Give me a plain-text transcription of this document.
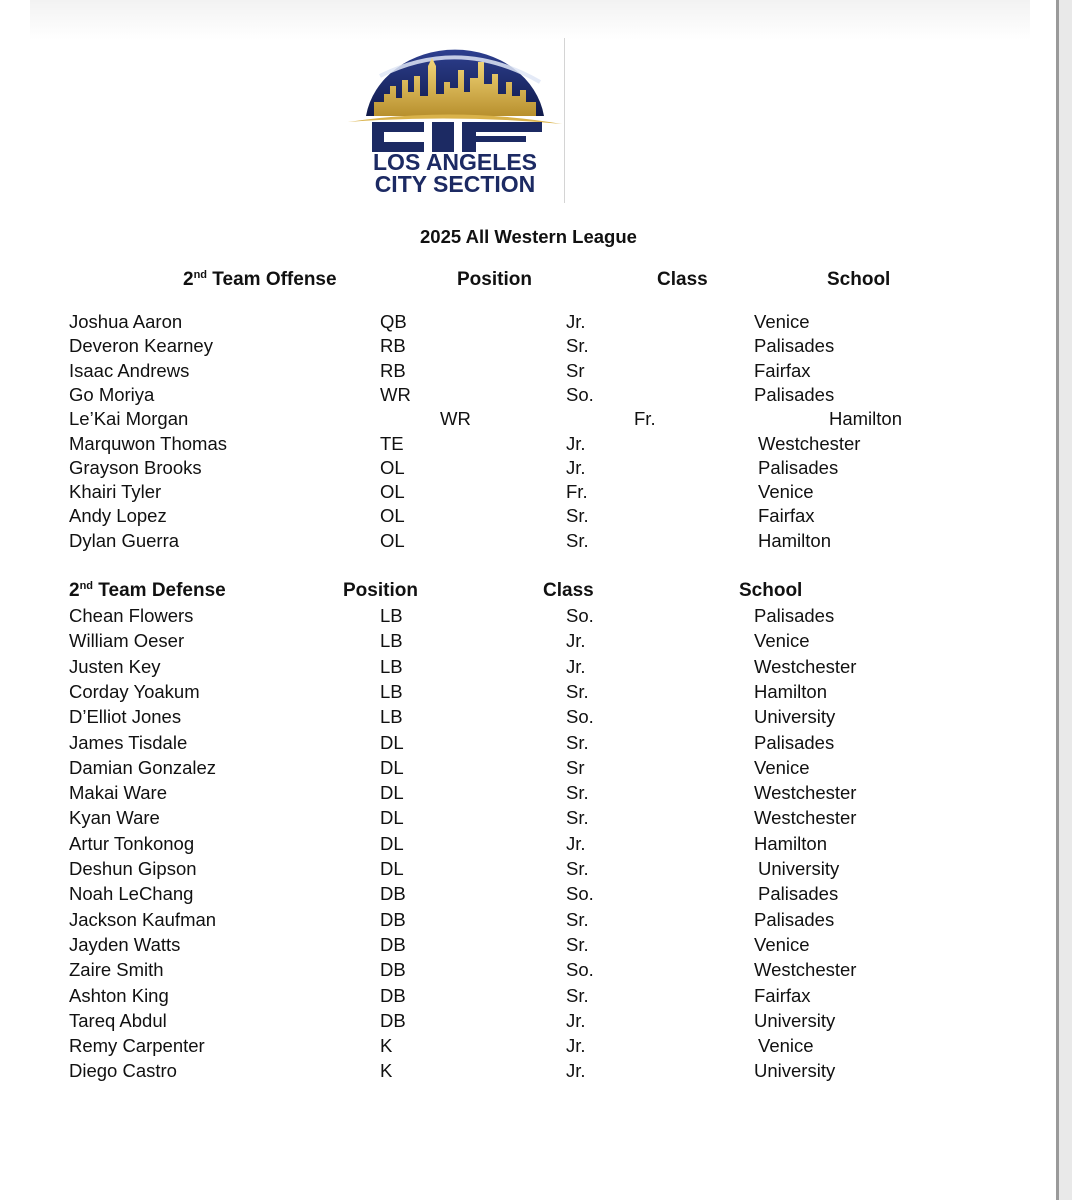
LOS ANGELES
CITY SECTION
2025 All Western League
2nd Team Offense	Position	Class	School
Joshua Aaron	QB	Jr.	Venice
Deveron Kearney	RB	Sr.	Palisades
Isaac Andrews	RB	Sr	Fairfax
Go Moriya	WR	So.	Palisades
Le’Kai Morgan	WR	Fr.	Hamilton
Marquwon Thomas	TE	Jr.	Westchester
Grayson Brooks	OL	Jr.	Palisades
Khairi Tyler	OL	Fr.	Venice
Andy Lopez	OL	Sr.	Fairfax
Dylan Guerra	OL	Sr.	Hamilton
2nd Team Defense	Position	Class	School
Chean Flowers	LB	So.	Palisades
William Oeser	LB	Jr.	Venice
Justen Key	LB	Jr.	Westchester
Corday Yoakum	LB	Sr.	Hamilton
D’Elliot Jones	LB	So.	University
James Tisdale	DL	Sr.	Palisades
Damian Gonzalez	DL	Sr	Venice
Makai Ware	DL	Sr.	Westchester
Kyan Ware	DL	Sr.	Westchester
Artur Tonkonog	DL	Jr.	Hamilton
Deshun Gipson	DL	Sr.	University
Noah LeChang	DB	So.	Palisades
Jackson Kaufman	DB	Sr.	Palisades
Jayden Watts	DB	Sr.	Venice
Zaire Smith	DB	So.	Westchester
Ashton King	DB	Sr.	Fairfax
Tareq Abdul	DB	Jr.	University
Remy Carpenter	K	Jr.	Venice
Diego Castro	K	Jr.	University
